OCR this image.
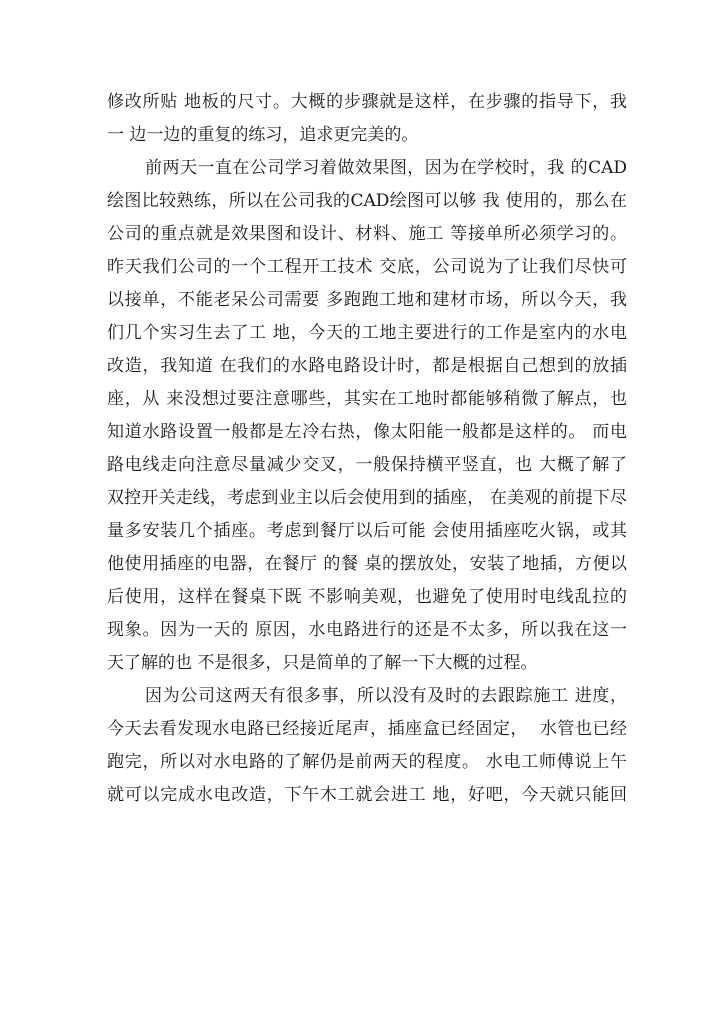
修改所贴 地板的尺寸。大概的步骤就是这样，在步骤的指导下，我
一 边一边的重复的练习，追求更完美的。
前两天一直在公司学习着做效果图，因为在学校时，我 的CAD
绘图比较熟练，所以在公司我的CAD绘图可以够 我 使用的，那么在
公司的重点就是效果图和设计、材料、施工 等接单所必须学习的。
昨天我们公司的一个工程开工技术 交底，公司说为了让我们尽快可
以接单，不能老呆公司需要 多跑跑工地和建材市场，所以今天，我
们几个实习生去了工 地，今天的工地主要进行的工作是室内的水电
改造，我知道 在我们的水路电路设计时，都是根据自己想到的放插
座，从 来没想过要注意哪些，其实在工地时都能够稍微了解点，也
知道水路设置一般都是左冷右热，像太阳能一般都是这样的。 而电
路电线走向注意尽量减少交叉，一般保持横平竖直，也 大概了解了
双控开关走线，考虑到业主以后会使用到的插座， 在美观的前提下尽
量多安装几个插座。考虑到餐厅以后可能 会使用插座吃火锅，或其
他使用插座的电器，在餐厅 的餐 桌的摆放处，安装了地插，方便以
后使用，这样在餐桌下既 不影响美观，也避免了使用时电线乱拉的
现象。因为一天的 原因，水电路进行的还是不太多，所以我在这一
天了解的也 不是很多，只是简单的了解一下大概的过程。
因为公司这两天有很多事，所以没有及时的去跟踪施工 进度，
今天去看发现水电路已经接近尾声，插座盒已经固定，  水管也已经
跑完，所以对水电路的了解仍是前两天的程度。 水电工师傅说上午
就可以完成水电改造，下午木工就会进工 地，好吧，今天就只能回
